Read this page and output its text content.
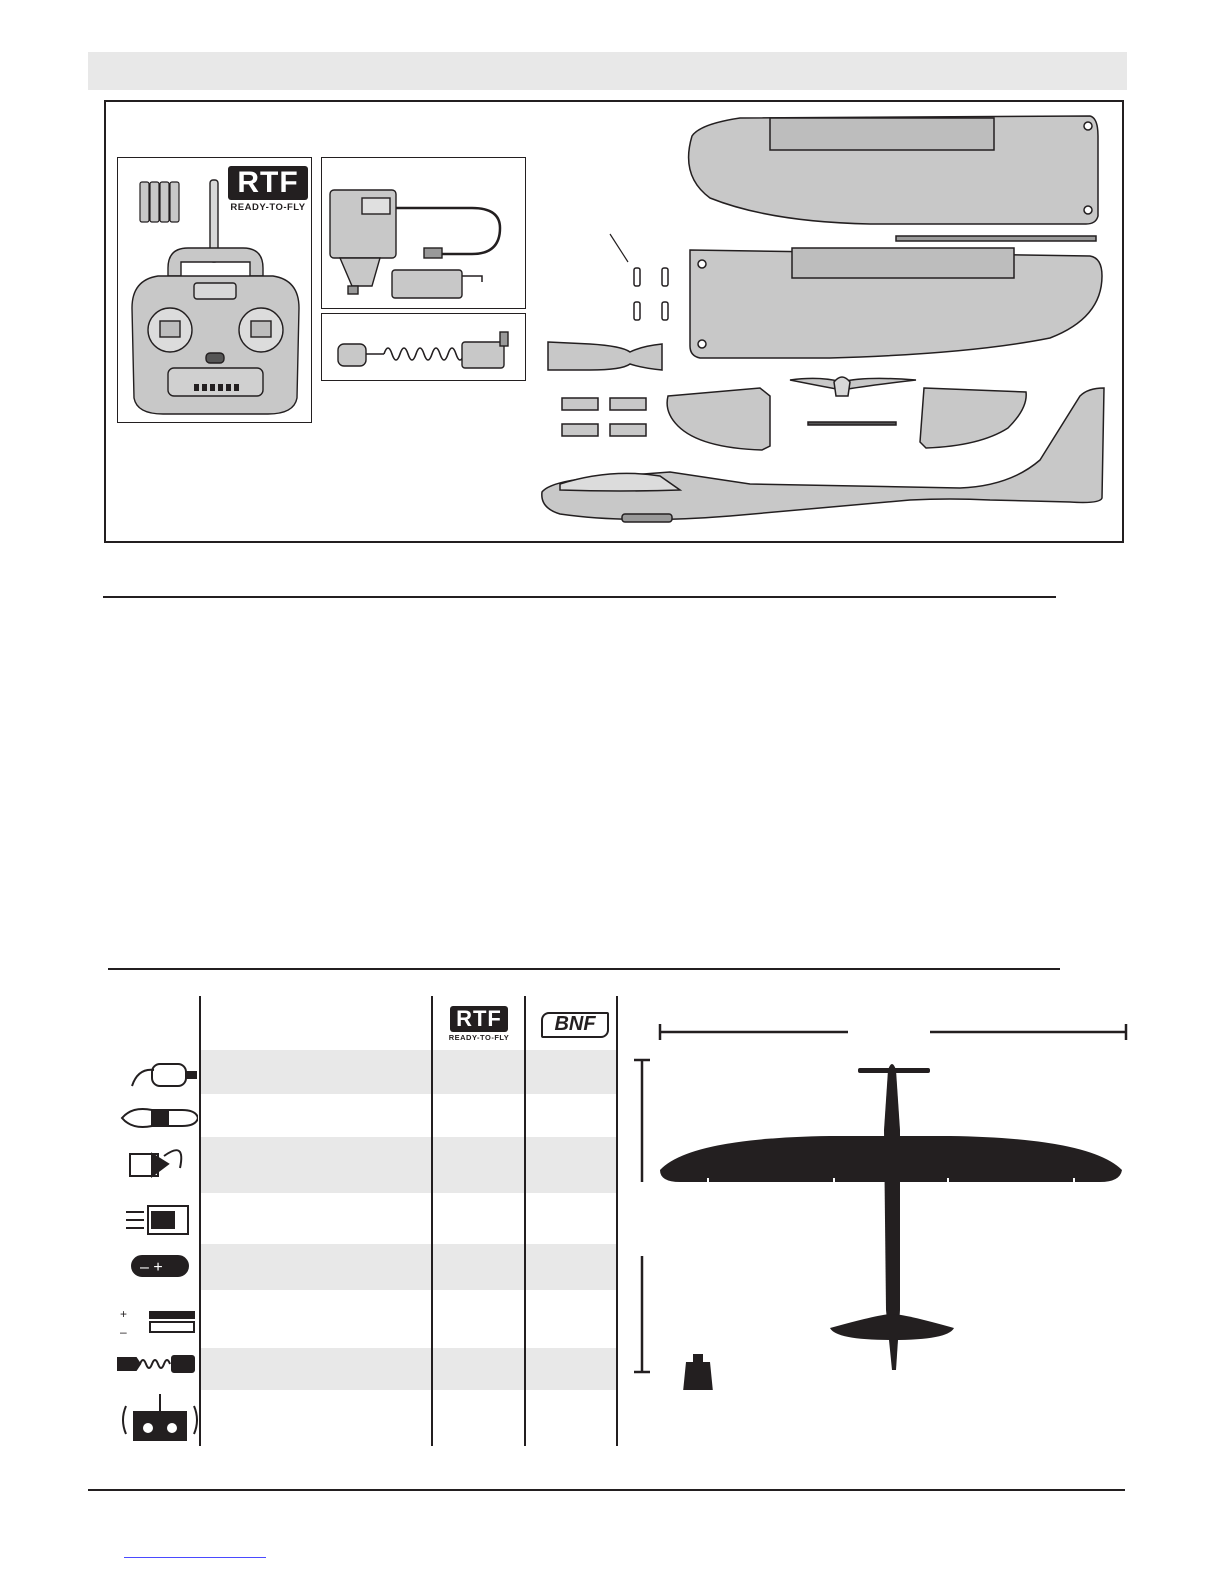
RTF
READY-TO-FLY
RTF
READY-TO-FLY
BNF
– +
+
–
